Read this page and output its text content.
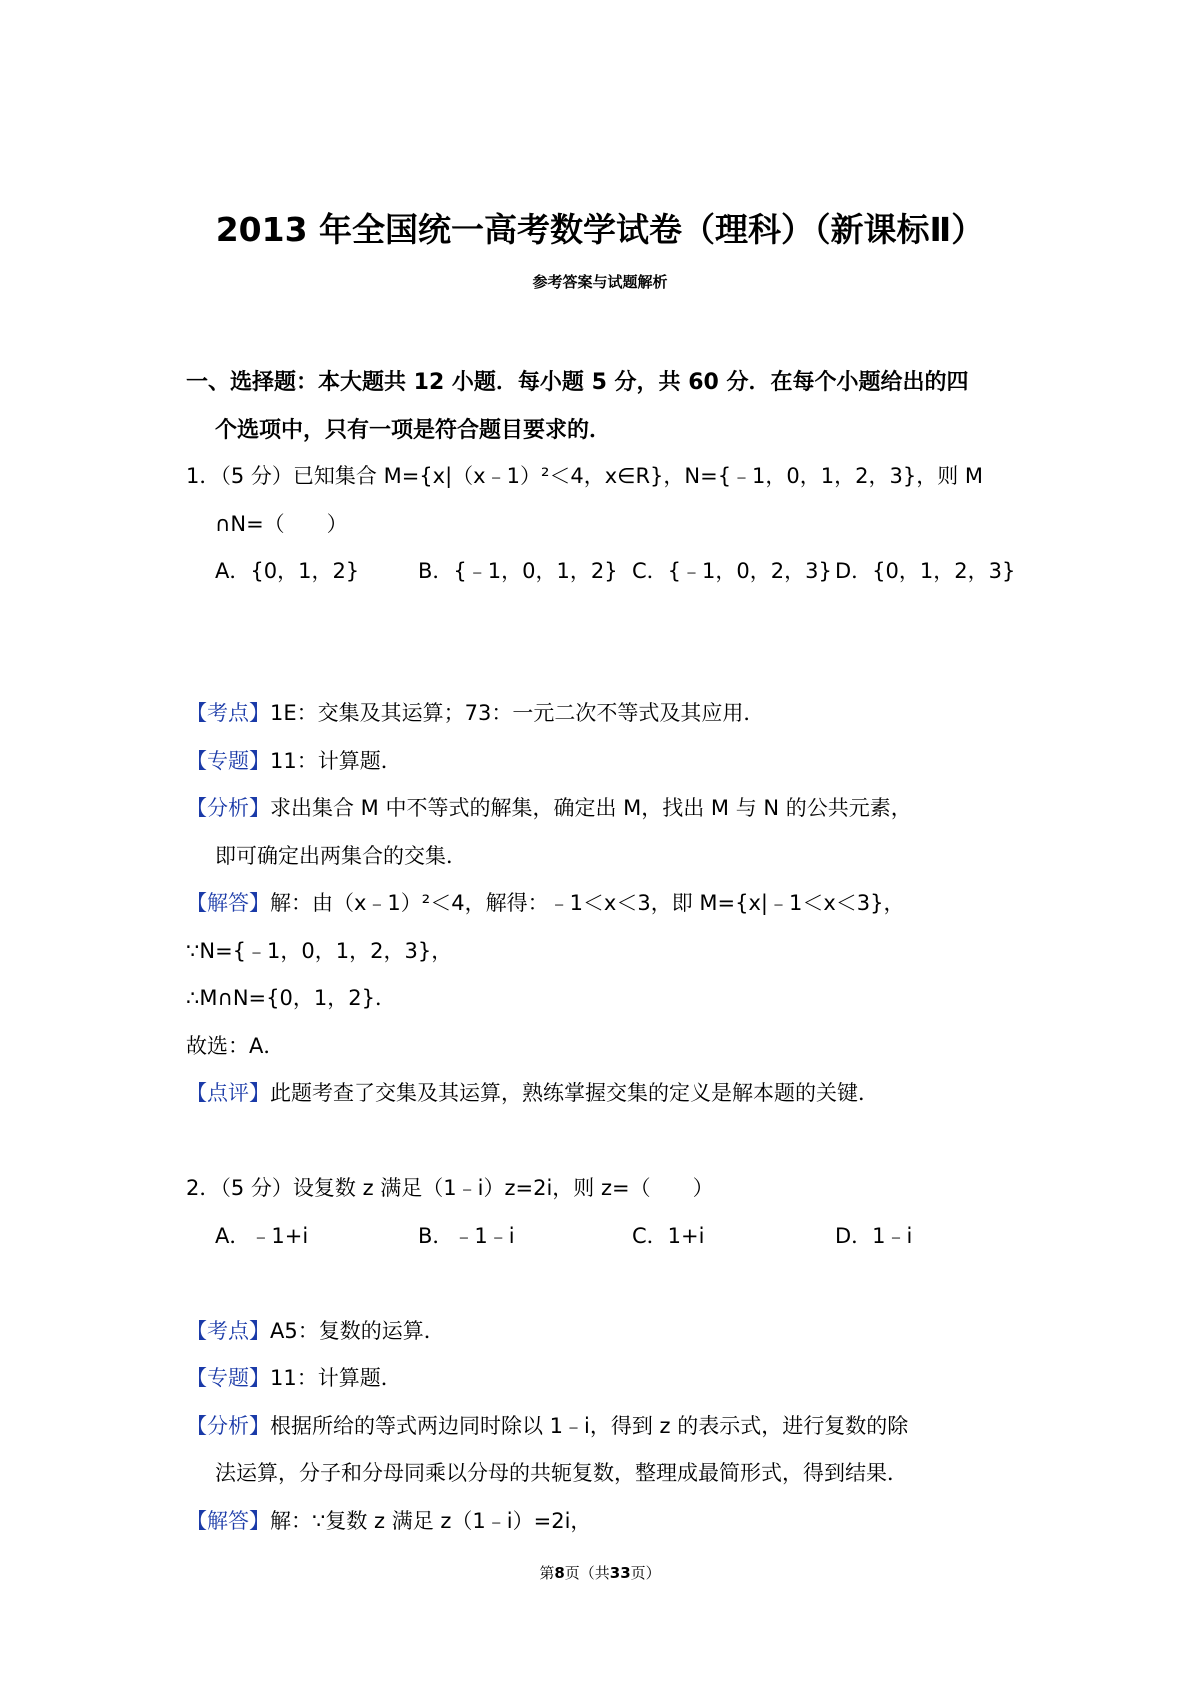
2013 年全国统一高考数学试卷（理科）（新课标Ⅱ）
参考答案与试题解析
一、选择题：本大题共 12 小题．每小题 5 分，共 60 分．在每个小题给出的四
个选项中，只有一项是符合题目要求的．
1．（5 分）已知集合 M={x|（x﹣1）²＜4，x∈R}，N={﹣1，0，1，2，3}，则 M
∩N=（　　）
A．{0，1，2}	B．{﹣1，0，1，2} C．{﹣1，0，2，3} D．{0，1，2，3}
【考点】1E：交集及其运算；73：一元二次不等式及其应用．
【专题】11：计算题．
【分析】求出集合 M 中不等式的解集，确定出 M，找出 M 与 N 的公共元素，
即可确定出两集合的交集．
【解答】解：由（x﹣1）²＜4，解得：﹣1＜x＜3，即 M={x|﹣1＜x＜3}，
∵N={﹣1，0，1，2，3}，
∴M∩N={0，1，2}．
故选：A．
【点评】此题考查了交集及其运算，熟练掌握交集的定义是解本题的关键．
2．（5 分）设复数 z 满足（1﹣i）z=2i，则 z=（　　）
A．﹣1+i	B．﹣1﹣i	C．1+i	D．1﹣i
【考点】A5：复数的运算．
【专题】11：计算题．
【分析】根据所给的等式两边同时除以 1﹣i，得到 z 的表示式，进行复数的除
法运算，分子和分母同乘以分母的共轭复数，整理成最简形式，得到结果．
【解答】解：∵复数 z 满足 z（1﹣i）=2i，
第8页（共33页）
